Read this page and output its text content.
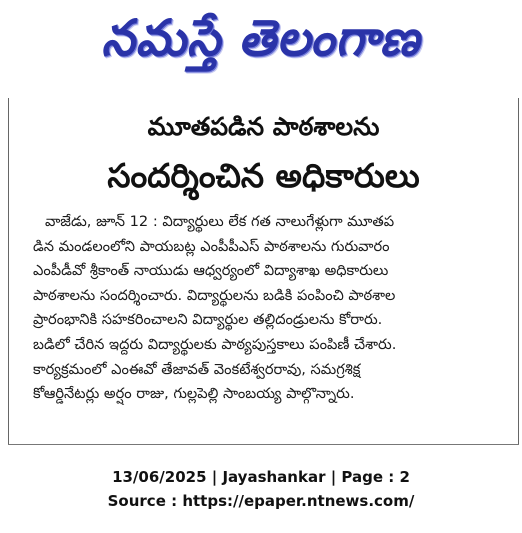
నమస్తే తెలంగాణ
మూతపడిన పాఠశాలను
సందర్శించిన అధికారులు
వాజేడు, జూన్ 12 : విద్యార్థులు లేక గత నాలుగేళ్లుగా మూతప
డిన మండలంలోని పాయబట్ల ఎంపీపీఎస్ పాఠశాలను గురువారం
ఎంపీడీవో శ్రీకాంత్ నాయుడు ఆధ్వర్యంలో విద్యాశాఖ అధికారులు
పాఠశాలను సందర్శించారు. విద్యార్థులను బడికి పంపించి పాఠశాల
ప్రారంభానికి సహకరించాలని విద్యార్థుల తల్లిదండ్రులను కోరారు.
బడిలో చేరిన ఇద్దరు విద్యార్థులకు పాఠ్యపుస్తకాలు పంపిణీ చేశారు.
కార్యక్రమంలో ఎంఈవో తేజావత్ వెంకటేశ్వరరావు, సమగ్రశిక్ష
కోఆర్డినేటర్లు అర్షం రాజు, గుల్లపెల్లి సాంబయ్య పాల్గొన్నారు.
13/06/2025 | Jayashankar | Page : 2
Source : https://epaper.ntnews.com/
